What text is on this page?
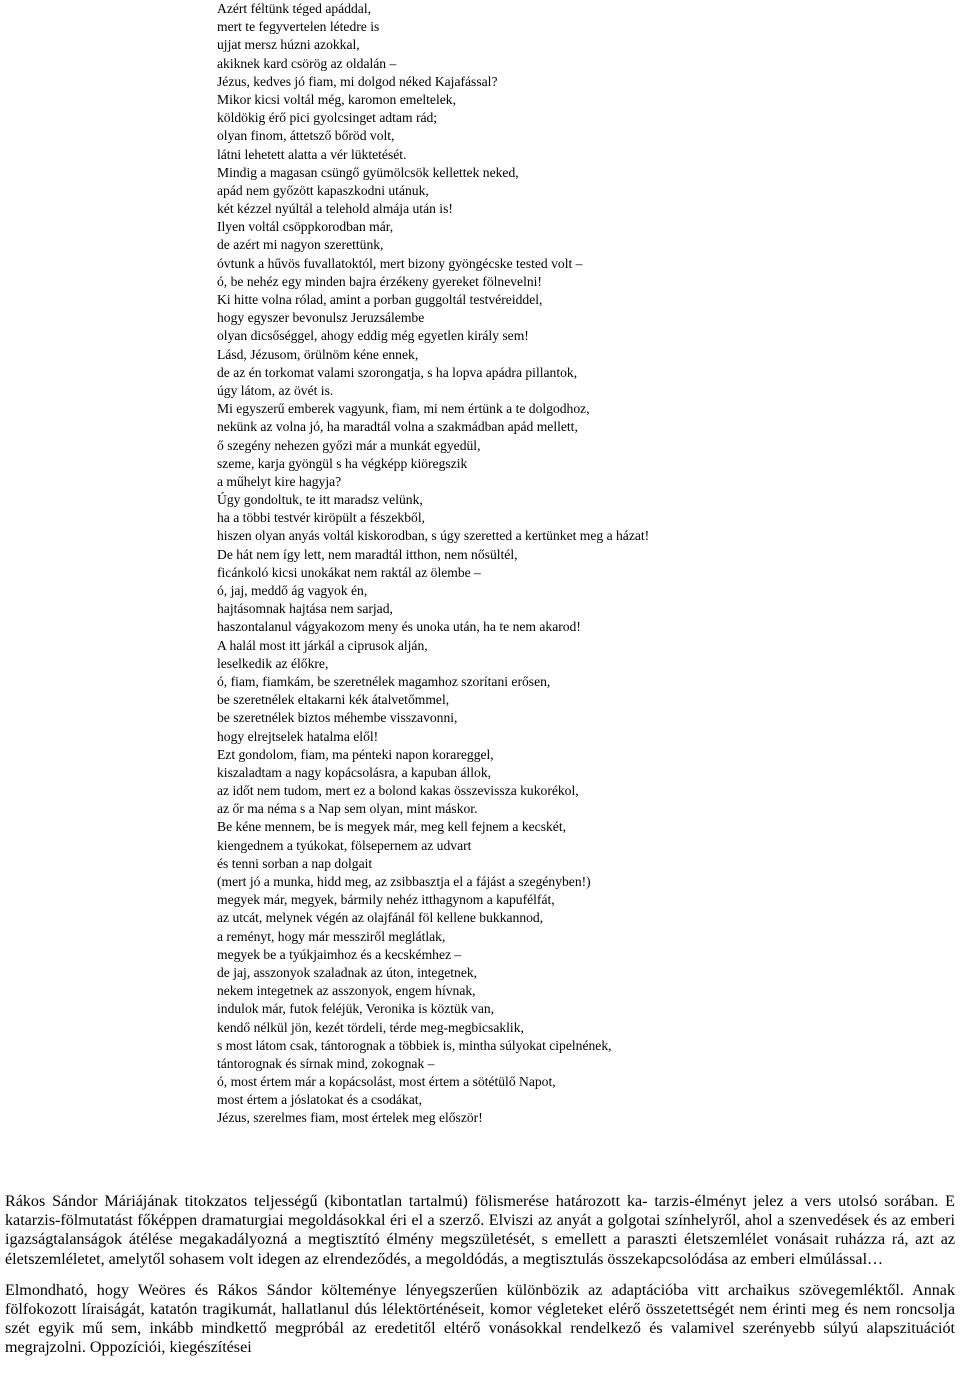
Azért féltünk téged apáddal,
mert te fegyvertelen létedre is
ujjat mersz húzni azokkal,
akiknek kard csörög az oldalán –
Jézus, kedves jó fiam, mi dolgod néked Kajafással?
Mikor kicsi voltál még, karomon emeltelek,
köldökig érő pici gyolcsinget adtam rád;
olyan finom, áttetsző bőröd volt,
látni lehetett alatta a vér lüktetését.
Mindig a magasan csüngő gyümölcsök kellettek neked,
apád nem győzött kapaszkodni utánuk,
két kézzel nyúltál a telehold almája után is!
Ilyen voltál csöppkorodban már,
de azért mi nagyon szerettünk,
óvtunk a hűvös fuvallatoktól, mert bizony gyöngécske tested volt –
ó, be nehéz egy minden bajra érzékeny gyereket fölnevelni!
Ki hitte volna rólad, amint a porban guggoltál testvéreiddel,
hogy egyszer bevonulsz Jeruzsálembe
olyan dicsőséggel, ahogy eddig még egyetlen király sem!
Lásd, Jézusom, örülnöm kéne ennek,
de az én torkomat valami szorongatja, s ha lopva apádra pillantok,
úgy látom, az övét is.
Mi egyszerű emberek vagyunk, fiam, mi nem értünk a te dolgodhoz,
nekünk az volna jó, ha maradtál volna a szakmádban apád mellett,
ő szegény nehezen győzi már a munkát egyedül,
szeme, karja gyöngül s ha végképp kiöregszik
a műhelyt kire hagyja?
Úgy gondoltuk, te itt maradsz velünk,
ha a többi testvér kiröpült a fészekből,
hiszen olyan anyás voltál kiskorodban, s úgy szeretted a kertünket meg a házat!
De hát nem így lett, nem maradtál itthon, nem nősültél,
ficánkoló kicsi unokákat nem raktál az ölembe –
ó, jaj, meddő ág vagyok én,
hajtásomnak hajtása nem sarjad,
haszontalanul vágyakozom meny és unoka után, ha te nem akarod!
A halál most itt járkál a ciprusok alján,
leselkedik az élőkre,
ó, fiam, fiamkám, be szeretnélek magamhoz szorítani erősen,
be szeretnélek eltakarni kék átalvetőmmel,
be szeretnélek biztos méhembe visszavonni,
hogy elrejtselek hatalma elől!
Ezt gondolom, fiam, ma pénteki napon korareggel,
kiszaladtam a nagy kopácsolásra, a kapuban állok,
az időt nem tudom, mert ez a bolond kakas összevissza kukorékol,
az őr ma néma s a Nap sem olyan, mint máskor.
Be kéne mennem, be is megyek már, meg kell fejnem a kecskét,
kiengednem a tyúkokat, fölsepernem az udvart
és tenni sorban a nap dolgait
(mert jó a munka, hidd meg, az zsibbasztja el a fájást a szegényben!)
megyek már, megyek, bármily nehéz itthagynom a kapufélfát,
az utcát, melynek végén az olajfánál föl kellene bukkannod,
a reményt, hogy már messziről meglátlak,
megyek be a tyúkjaimhoz és a kecskémhez –
de jaj, asszonyok szaladnak az úton, integetnek,
nekem integetnek az asszonyok, engem hívnak,
indulok már, futok feléjük, Veronika is köztük van,
kendő nélkül jön, kezét tördeli, térde meg-megbicsaklik,
s most látom csak, tántorognak a többiek is, mintha súlyokat cipelnének,
tántorognak és sírnak mind, zokognak –
ó, most értem már a kopácsolást, most értem a sötétülő Napot,
most értem a jóslatokat és a csodákat,
Jézus, szerelmes fiam, most értelek meg először!

Rákos Sándor Máriájának titokzatos teljességű (kibontatlan tartalmú) fölismerése határozott ka- tarzis-élményt jelez a vers utolsó sorában. E katarzis-fölmutatást főképpen dramaturgiai megoldásokkal éri el a szerző. Elviszi az anyát a golgotai színhelyről, ahol a szenvedések és az emberi igazságtalanságok átélése megakadályozná a megtisztító élmény megszületését, s emellett a paraszti életszemlélet vonásait ruházza rá, azt az életszemléletet, amelytől sohasem volt idegen az elrendeződés, a megoldódás, a megtisztulás összekapcsolódása az emberi elmúlással…

Elmondható, hogy Weöres és Rákos Sándor költeménye lényegszerűen különbözik az adaptációba vitt archaikus szövegemléktől. Annak fölfokozott líraiságát, katatón tragikumát, hallatlanul dús lélektörténéseit, komor végleteket elérő összetettségét nem érinti meg és nem roncsolja szét egyik mű sem, inkább mindkettő megpróbál az eredetitől eltérő vonásokkal rendelkező és valamivel szerényebb súlyú alapszituációt megrajzolni. Oppozíciói, kiegészítései
